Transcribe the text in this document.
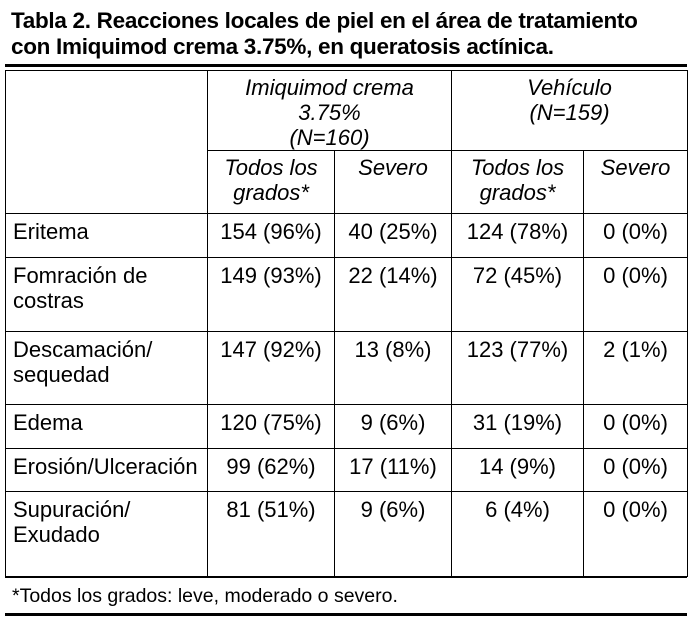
Tabla 2. Reacciones locales de piel en el área de tratamiento
con Imiquimod crema 3.75%, en queratosis actínica.

	Imiquimod crema
3.75%
(N=160)		Vehículo
(N=159)	

	Todos los
grados*	Severo	Todos los
grados*	Severo

Eritema	154 (96%)	40 (25%)	124 (78%)	0 (0%)

Fomración de
costras	149 (93%)	22 (14%)	72 (45%)	0 (0%)

Descamación/
sequedad	147 (92%)	13 (8%)	123 (77%)	2 (1%)

Edema	120 (75%)	9 (6%)	31 (19%)	0 (0%)

Erosión/Ulceración	99 (62%)	17 (11%)	14 (9%)	0 (0%)

Supuración/
Exudado	81 (51%)	9 (6%)	6 (4%)	0 (0%)
*Todos los grados: leve, moderado o severo.
